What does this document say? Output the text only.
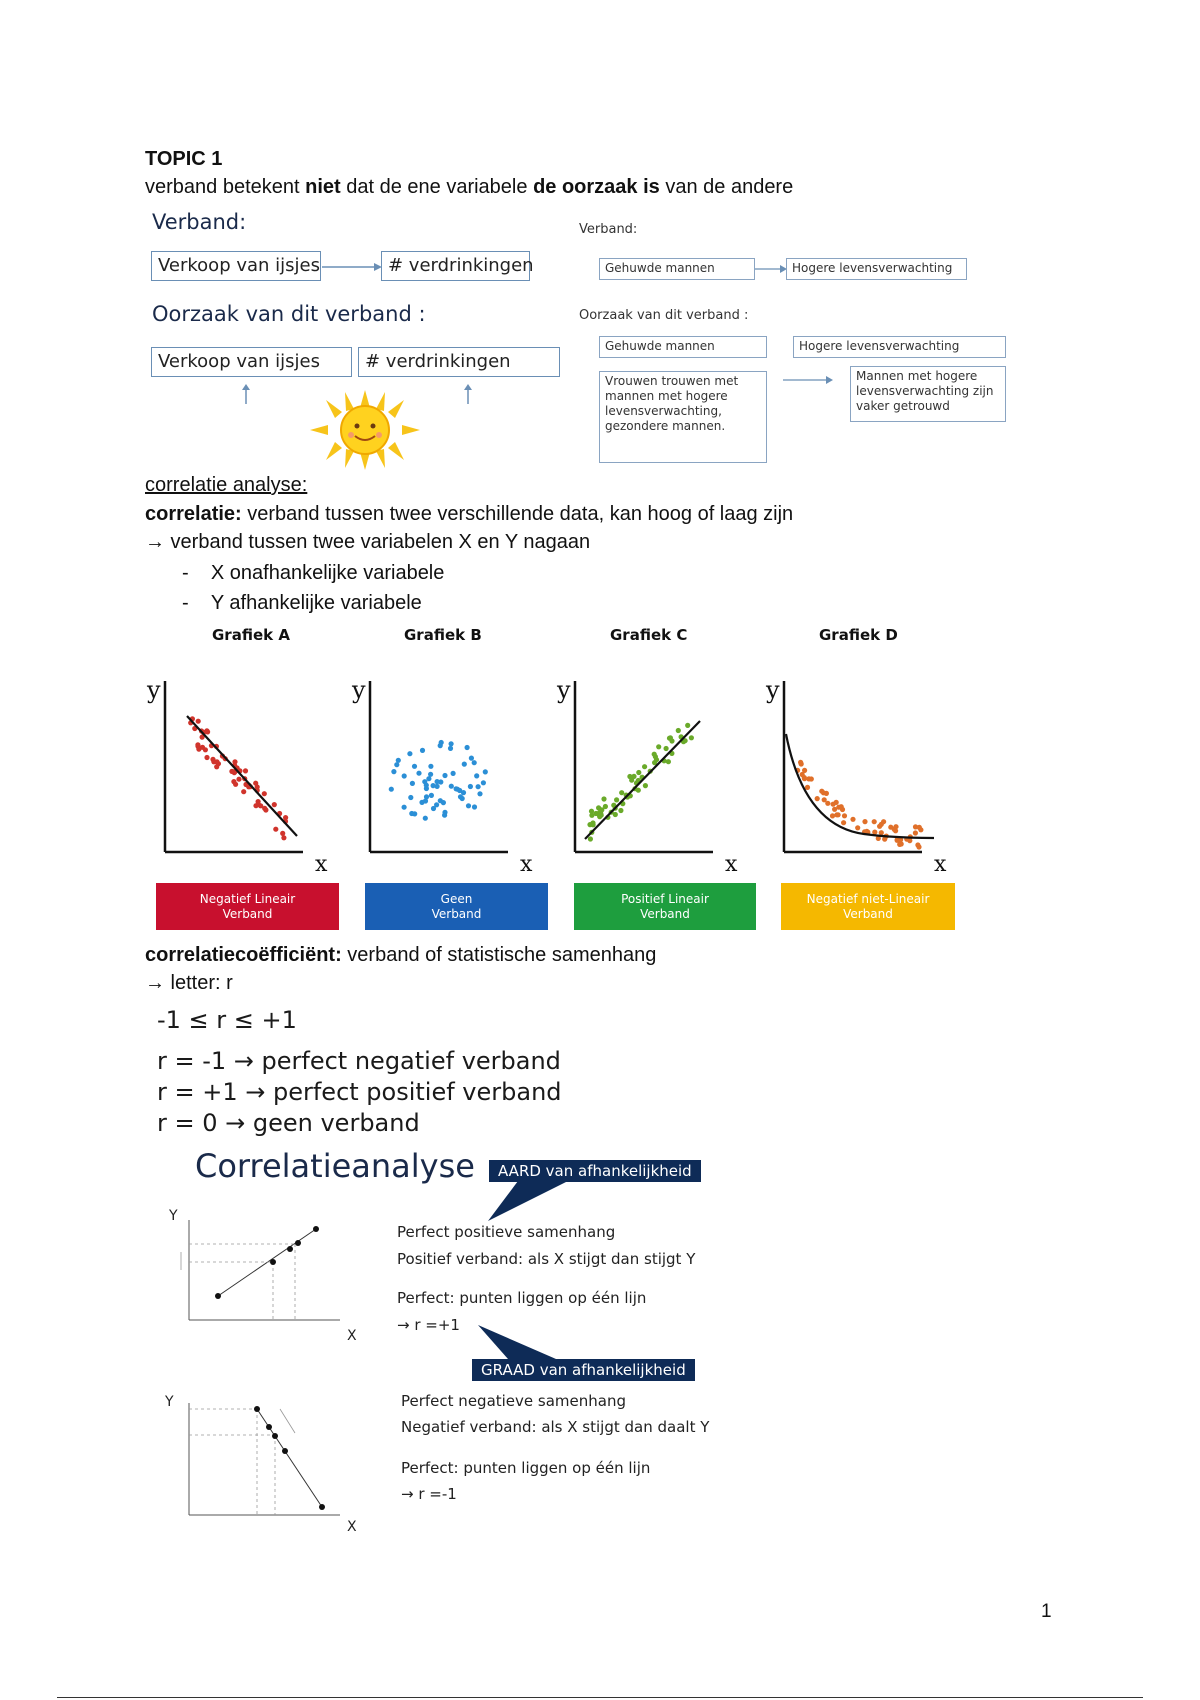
TOPIC 1
verband betekent niet dat de ene variabele de oorzaak is van de andere
Verband:
Verkoop van ijsjes	# verdrinkingen
Oorzaak van dit verband :
Verkoop van ijsjes	# verdrinkingen
Verband:
Gehuwde mannen	Hogere levensverwachting
Oorzaak van dit verband :
Gehuwde mannen	Hogere levensverwachting
Vrouwen trouwen met mannen met hogere levensverwachting, gezondere mannen.
Mannen met hogere levensverwachting zijn vaker getrouwd
correlatie analyse:
correlatie: verband tussen twee verschillende data, kan hoog of laag zijn
→ verband tussen twee variabelen X en Y nagaan
-    X onafhankelijke variabele
-    Y afhankelijke variabele
Grafiek A	Grafiek B	Grafiek C	Grafiek D
y
x
y
x
y
x
y
x
Negatief Lineair
Verband
Geen
Verband
Positief Lineair
Verband
Negatief niet-Lineair
Verband
correlatiecoëfficiënt: verband of statistische samenhang
→ letter: r
-1 ≤ r ≤ +1
r = -1 → perfect negatief verband
r = +1 → perfect positief verband
r = 0 → geen verband
Correlatieanalyse	AARD van afhankelijkheid
GRAAD van afhankelijkheid
Y
X
Perfect positieve samenhang
Positief verband: als X stijgt dan stijgt Y
Perfect: punten liggen op één lijn
→ r =+1
Y
X
Perfect negatieve samenhang
Negatief verband: als X stijgt dan daalt Y
Perfect: punten liggen op één lijn
→ r =-1
1
